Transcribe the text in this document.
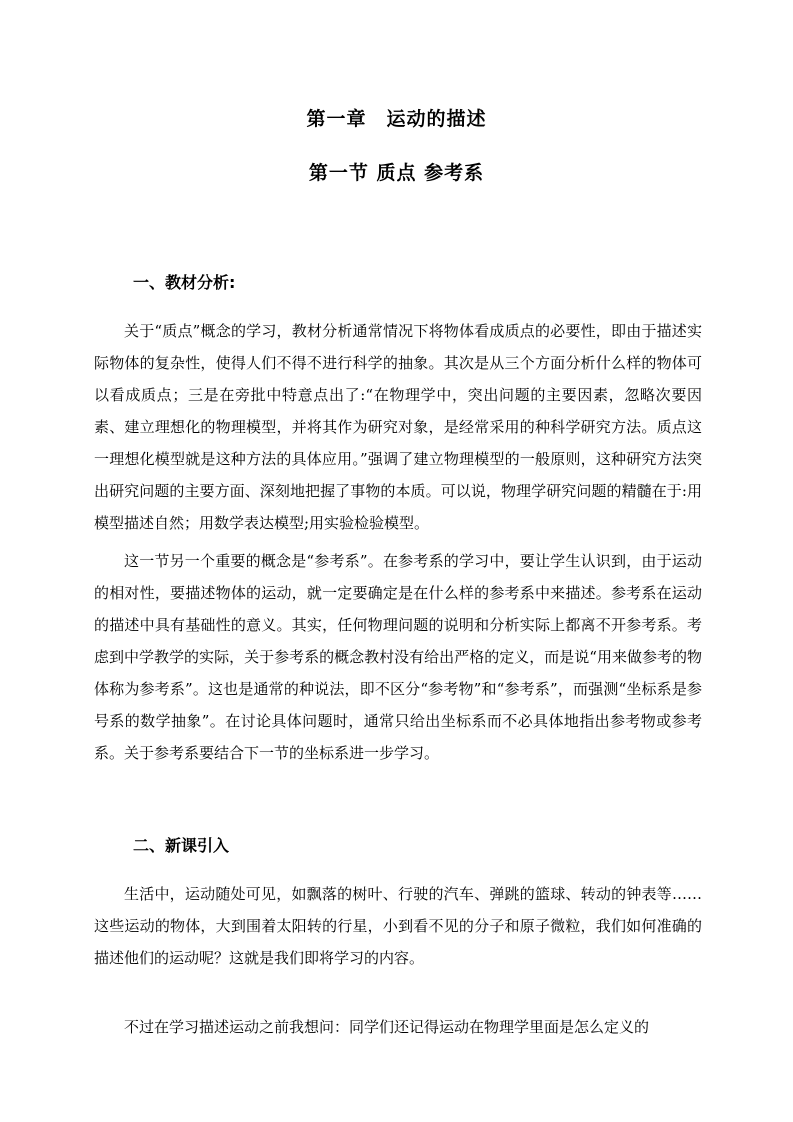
第一章　运动的描述
第一节 质点 参考系
一、教材分析:

关于“质点”概念的学习，教材分析通常情况下将物体看成质点的必要性，即由于描述实际物体的复杂性，使得人们不得不进行科学的抽象。其次是从三个方面分析什么样的物体可以看成质点；三是在旁批中特意点出了:“在物理学中，突出问题的主要因素，忽略次要因素、建立理想化的物理模型，并将其作为研究对象，是经常采用的种科学研究方法。质点这一理想化模型就是这种方法的具体应用。”强调了建立物理模型的一般原则，这种研究方法突出研究问题的主要方面、深刻地把握了事物的本质。可以说，物理学研究问题的精髓在于:用模型描述自然；用数学表达模型;用实验检验模型。

这一节另一个重要的概念是“参考系”。在参考系的学习中，要让学生认识到，由于运动的相对性，要描述物体的运动，就一定要确定是在什么样的参考系中来描述。参考系在运动的描述中具有基础性的意义。其实，任何物理问题的说明和分析实际上都离不开参考系。考虑到中学教学的实际，关于参考系的概念教村没有给出严格的定义，而是说“用来做参考的物体称为参考系”。这也是通常的种说法，即不区分“参考物”和“参考系”，而强测“坐标系是参号系的数学抽象”。在讨论具体问题时，通常只给出坐标系而不必具体地指出参考物或参考系。关于参考系要结合下一节的坐标系进一步学习。

二、新课引入

生活中，运动随处可见，如飘落的树叶、行驶的汽车、弹跳的篮球、转动的钟表等……这些运动的物体，大到围着太阳转的行星，小到看不见的分子和原子微粒，我们如何准确的描述他们的运动呢？这就是我们即将学习的内容。

不过在学习描述运动之前我想问：同学们还记得运动在物理学里面是怎么定义的
